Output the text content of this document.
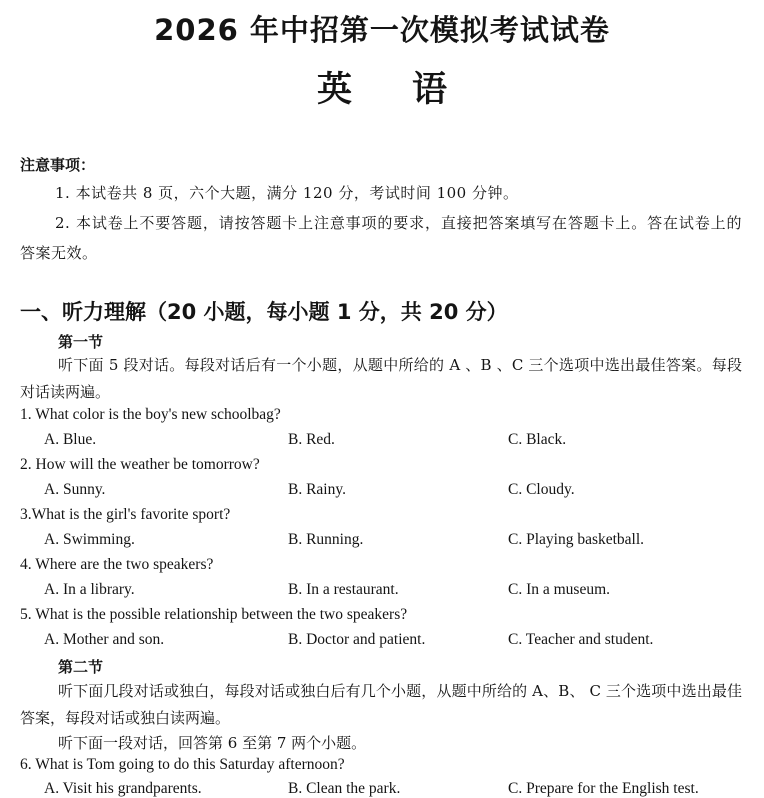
2026 年中招第一次模拟考试试卷
英语
注意事项：
1. 本试卷共 8 页，六个大题，满分 120 分，考试时间 100 分钟。
2. 本试卷上不要答题，请按答题卡上注意事项的要求，直接把答案填写在答题卡上。答在试卷上的答案无效。
一、听力理解（20 小题，每小题 1 分，共 20 分）
第一节
听下面 5 段对话。每段对话后有一个小题，从题中所给的 A 、B 、C 三个选项中选出最佳答案。每段对话读两遍。
1. What color is the boy's new schoolbag?
A. Blue.	B. Red.	C. Black.
2. How will the weather be tomorrow?
A. Sunny.	B. Rainy.	C. Cloudy.
3.What is the girl's favorite sport?
A. Swimming.	B. Running.	C. Playing basketball.
4. Where are the two speakers?
A. In a library.	B. In a restaurant.	C. In a museum.
5. What is the possible relationship between the two speakers?
A. Mother and son.	B. Doctor and patient.	C. Teacher and student.
第二节
听下面几段对话或独白，每段对话或独白后有几个小题，从题中所给的 A、B、 C 三个选项中选出最佳答案，每段对话或独白读两遍。
听下面一段对话，回答第 6 至第 7 两个小题。
6. What is Tom going to do this Saturday afternoon?
A. Visit his grandparents.	B. Clean the park.	C. Prepare for the English test.
